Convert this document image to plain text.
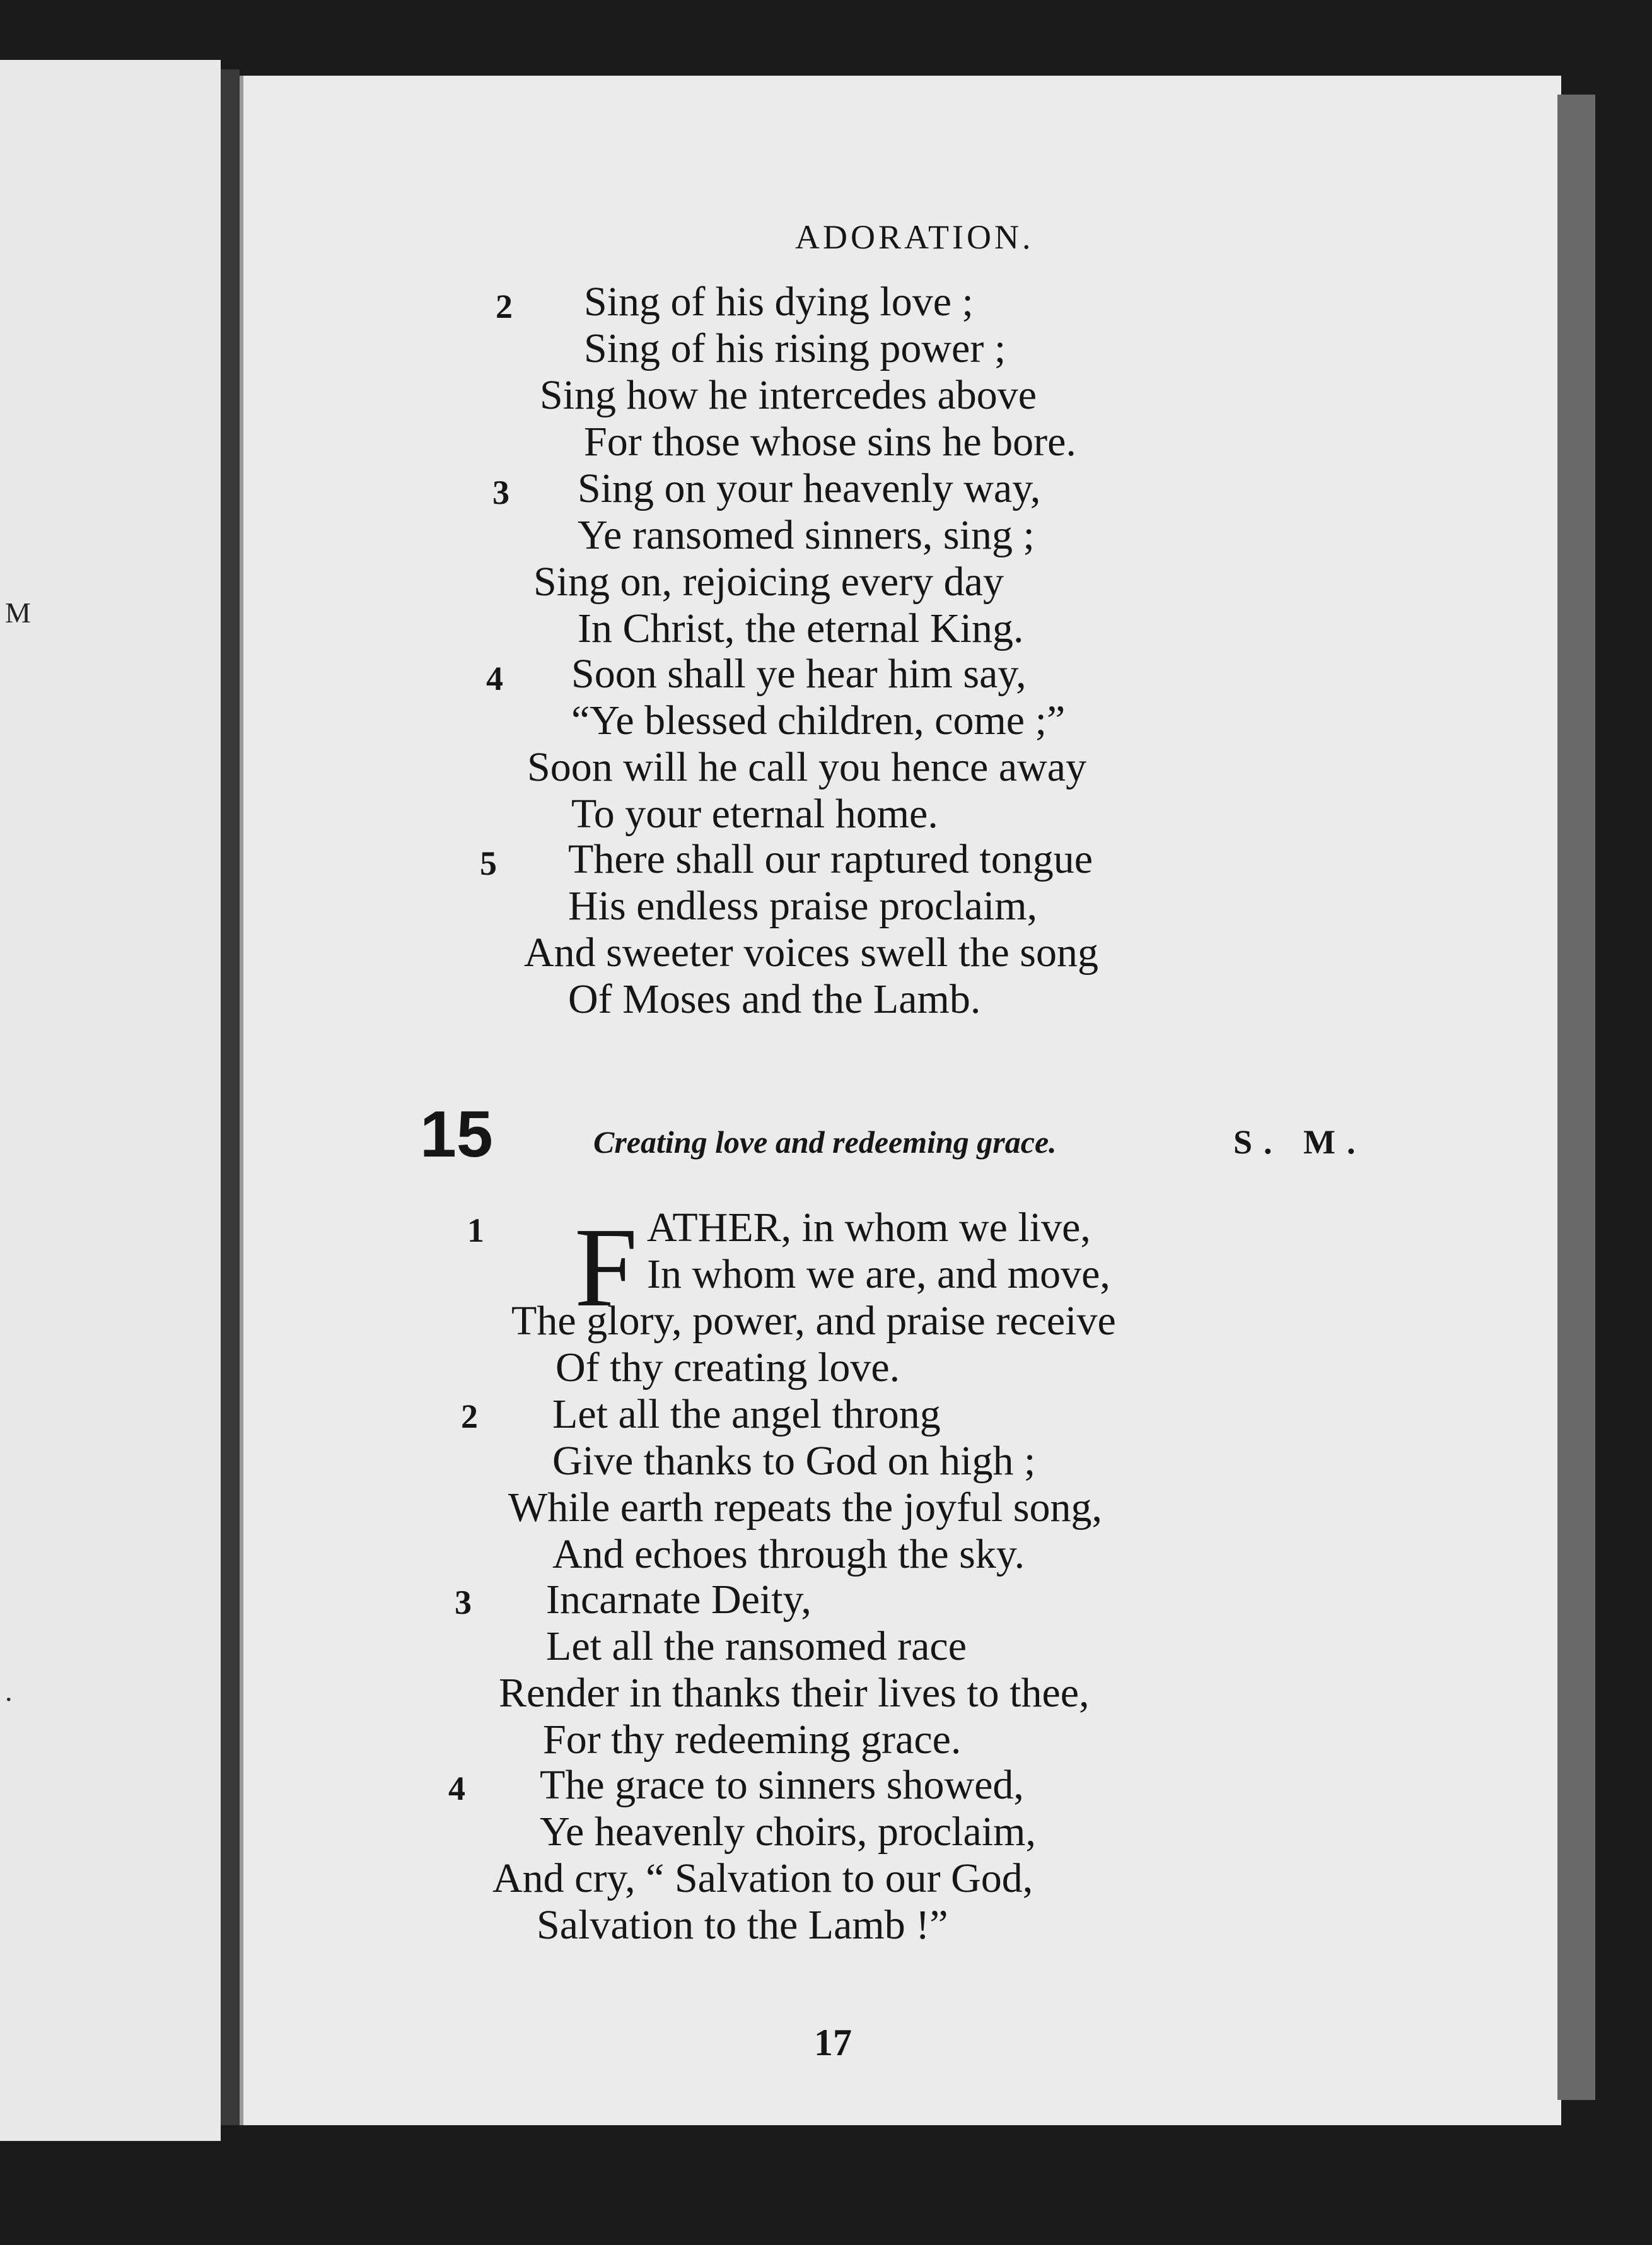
M
.
ADORATION.
2 Sing of his dying love ;
Sing of his rising power ;
Sing how he intercedes above
For those whose sins he bore.
3 Sing on your heavenly way,
Ye ransomed sinners, sing ;
Sing on, rejoicing every day
In Christ, the eternal King.
4 Soon shall ye hear him say,
“Ye blessed children, come ;”
Soon will he call you hence away
To your eternal home.
5 There shall our raptured tongue
His endless praise proclaim,
And sweeter voices swell the song
Of Moses and the Lamb.
15	Creating love and redeeming grace.	S. M.
F
1	ATHER, in whom we live,
In whom we are, and move,
The glory, power, and praise receive
Of thy creating love.
2 Let all the angel throng
Give thanks to God on high ;
While earth repeats the joyful song,
And echoes through the sky.
3 Incarnate Deity,
Let all the ransomed race
Render in thanks their lives to thee,
For thy redeeming grace.
4 The grace to sinners showed,
Ye heavenly choirs, proclaim,
And cry, “ Salvation to our God,
Salvation to the Lamb !”
17
